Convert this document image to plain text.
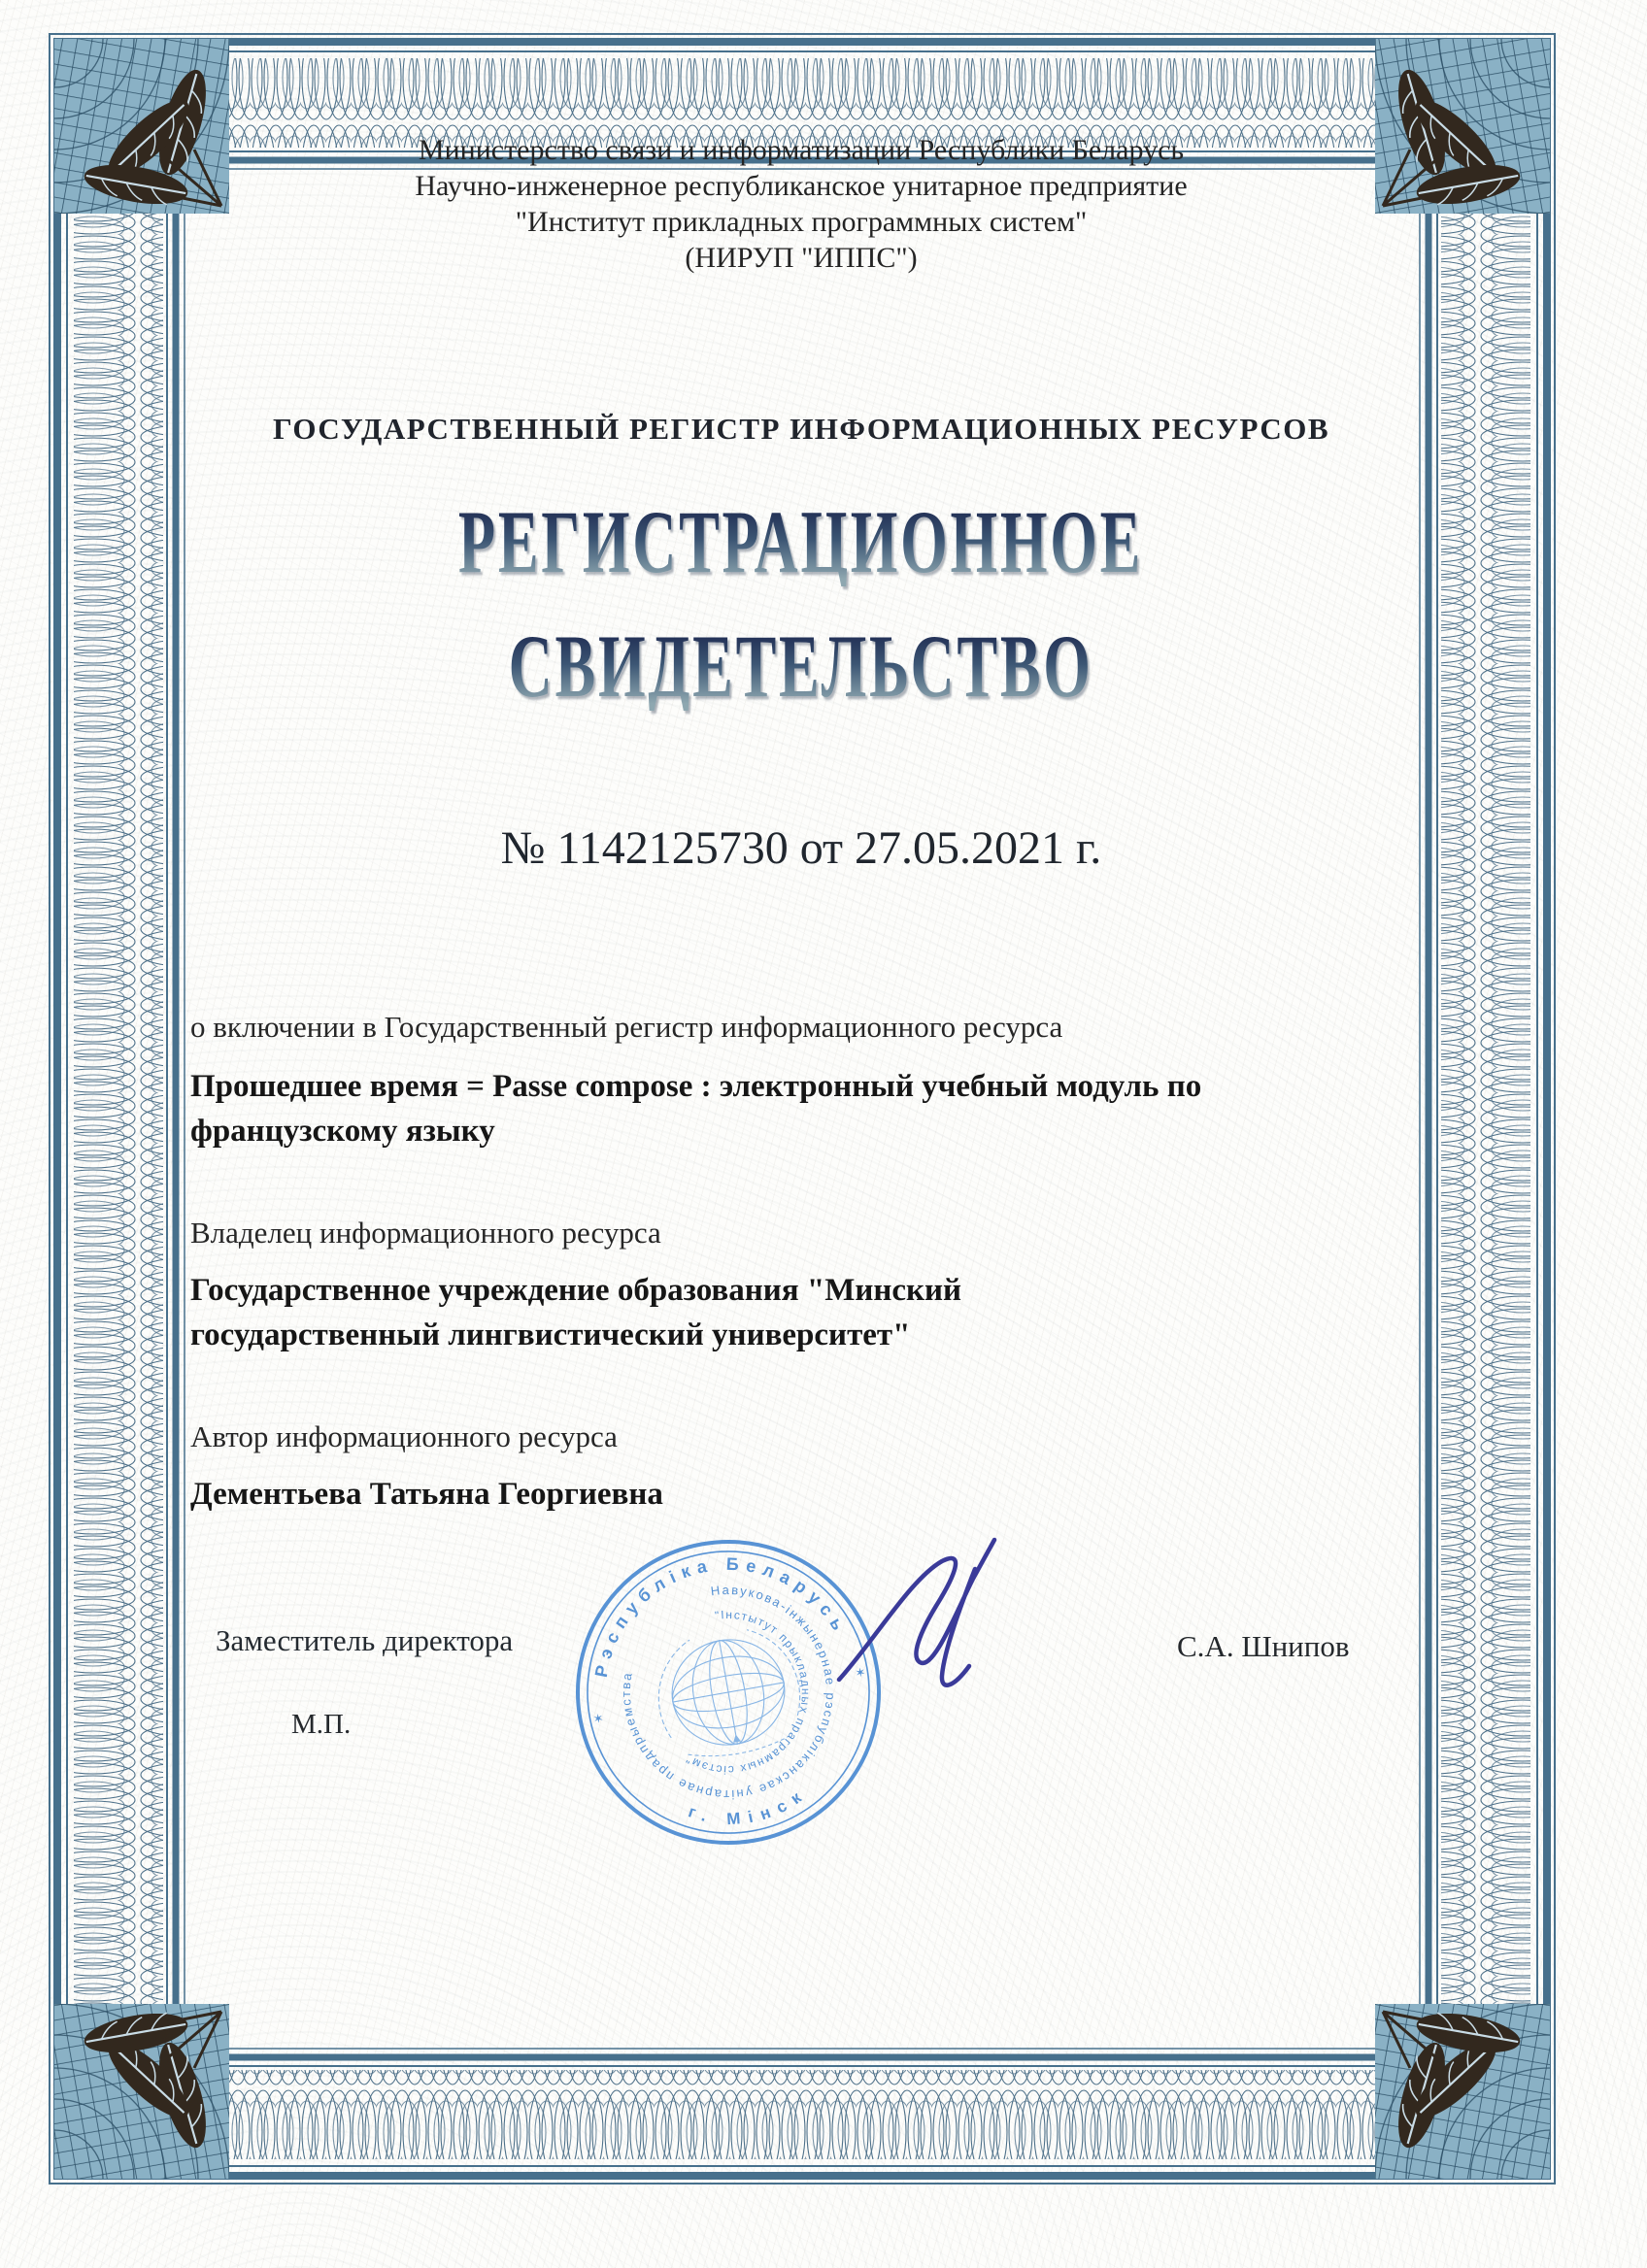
Министерство связи и информатизации Республики Беларусь
Научно-инженерное республиканское унитарное предприятие
"Институт прикладных программных систем"
(НИРУП "ИППС")
ГОСУДАРСТВЕННЫЙ РЕГИСТР ИНФОРМАЦИОННЫХ РЕСУРСОВ
РЕГИСТРАЦИОННОЕ
СВИДЕТЕЛЬСТВО
№ 1142125730 от 27.05.2021 г.
о включении в Государственный регистр информационного ресурса
Прошедшее время = Passe compose : электронный учебный модуль по французскому языку
Владелец информационного ресурса
Государственное учреждение образования "Минский государственный лингвистический университет"
Автор информационного ресурса
Дементьева Татьяна Георгиевна
Заместитель директора
М.П.
С.А. Шнипов
Рэспубліка Беларусь
г. Мінск
Навукова-інжынернае рэспубліканскае унітарнае прадпрыемства
"Інстытут прыкладных праграмных сістэм"
✶
✶
